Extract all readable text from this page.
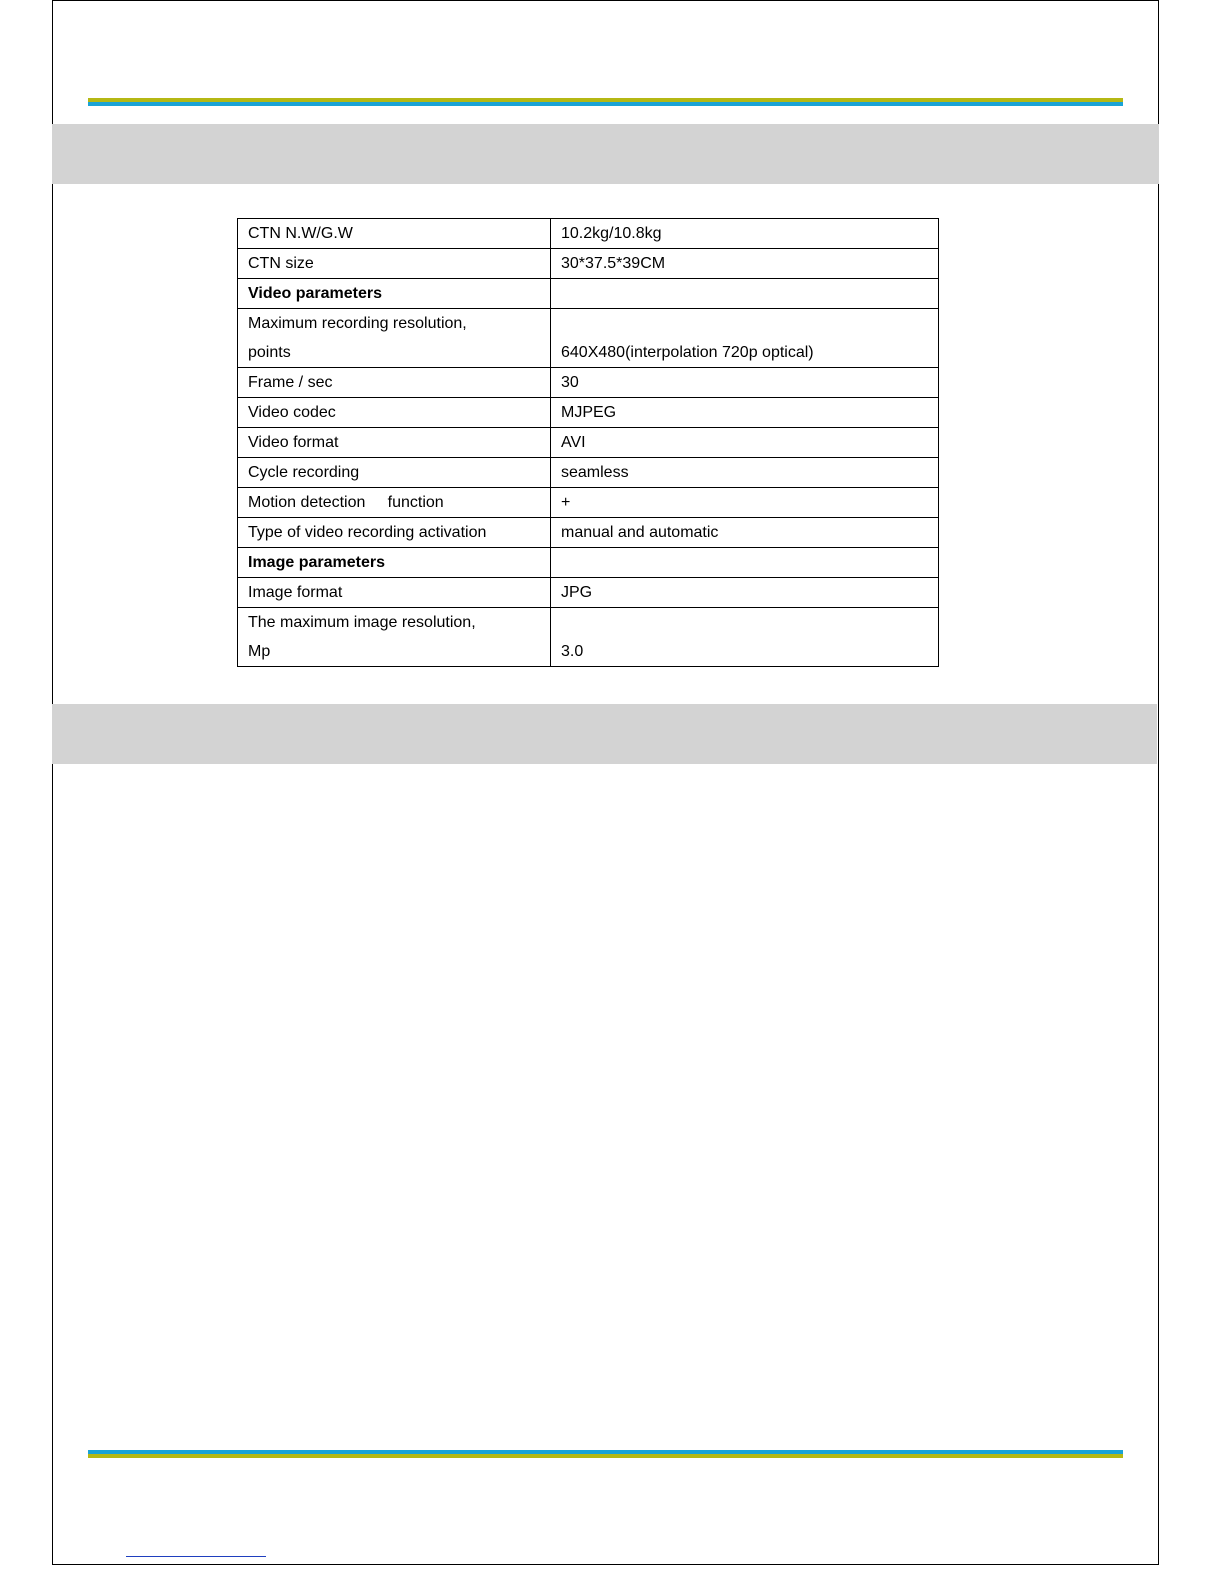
CTN N.W/G.W	10.2kg/10.8kg
CTN size	30*37.5*39CM
Video parameters	

Maximum recording resolution,
points	640X480(interpolation 720p optical)
Frame / sec	30
Video codec	MJPEG
Video format	AVI
Cycle recording	seamless
Motion detection     function	+
Type of video recording activation	manual and automatic
Image parameters	
Image format	JPG

The maximum image resolution,
Mp	3.0
